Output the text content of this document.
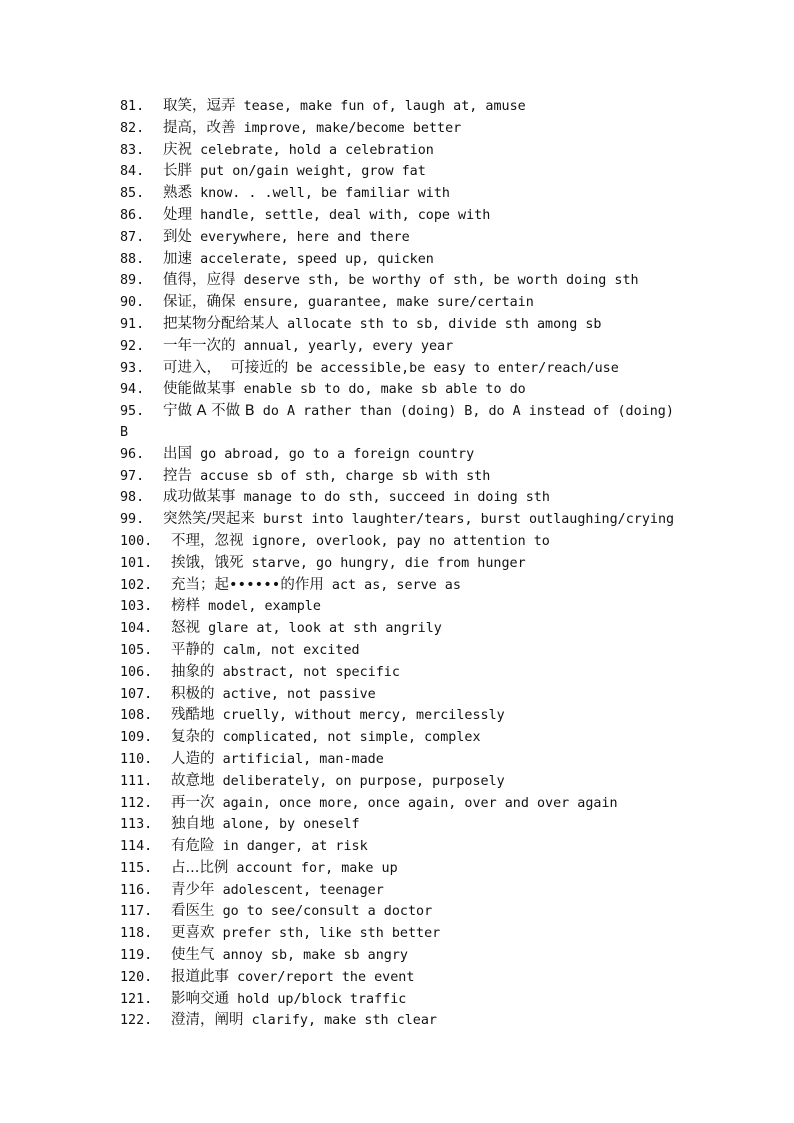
81. 取笑，逗弄 tease, make fun of, laugh at, amuse
82. 提高，改善 improve, make/become better
83. 庆祝 celebrate, hold a celebration
84. 长胖 put on/gain weight, grow fat
85. 熟悉 know. . .well, be familiar with
86. 处理 handle, settle, deal with, cope with
87. 到处 everywhere, here and there
88. 加速 accelerate, speed up, quicken
89. 值得，应得 deserve sth, be worthy of sth, be worth doing sth
90. 保证，确保 ensure, guarantee, make sure/certain
91. 把某物分配给某人 allocate sth to sb, divide sth among sb
92. 一年一次的 annual, yearly, every year
93. 可进入，  可接近的 be accessible,be easy to enter/reach/use
94. 使能做某事 enable sb to do, make sb able to do
95. 宁做 A 不做 B do A rather than (doing) B, do A instead of (doing) B
96. 出国 go abroad, go to a foreign country
97. 控告 accuse sb of sth, charge sb with sth
98. 成功做某事 manage to do sth, succeed in doing sth
99. 突然笑/哭起来 burst into laughter/tears, burst outlaughing/crying
100. 不理，忽视 ignore, overlook, pay no attention to
101. 挨饿，饿死 starve, go hungry, die from hunger
102. 充当；起••••••的作用 act as, serve as
103. 榜样 model, example
104. 怒视 glare at, look at sth angrily
105. 平静的 calm, not excited
106. 抽象的 abstract, not specific
107. 积极的 active, not passive
108. 残酷地 cruelly, without mercy, mercilessly
109. 复杂的 complicated, not simple, complex
110. 人造的 artificial, man-made
111. 故意地 deliberately, on purpose, purposely
112. 再一次 again, once more, once again, over and over again
113. 独自地 alone, by oneself
114. 有危险 in danger, at risk
115. 占...比例 account for, make up
116. 青少年 adolescent, teenager
117. 看医生 go to see/consult a doctor
118. 更喜欢 prefer sth, like sth better
119. 使生气 annoy sb, make sb angry
120. 报道此事 cover/report the event
121. 影响交通 hold up/block traffic
122. 澄清，阐明 clarify, make sth clear
